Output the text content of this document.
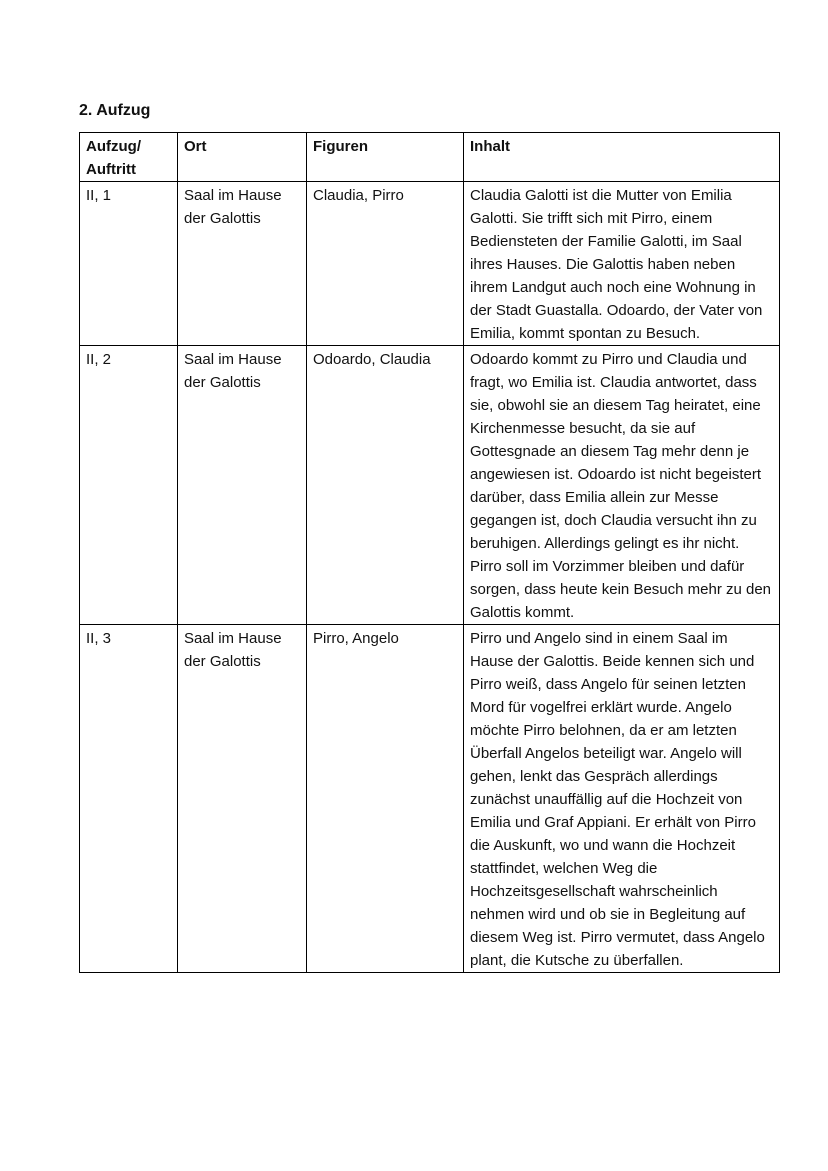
2. Aufzug
Aufzug/
Auftritt	Ort	Figuren	Inhalt
II, 1	Saal im Hause der Galottis	Claudia, Pirro	Claudia Galotti ist die Mutter von Emilia Galotti. Sie trifft sich mit Pirro, einem Bediensteten der Familie Galotti, im Saal ihres Hauses. Die Galottis haben neben ihrem Landgut auch noch eine Wohnung in der Stadt Guastalla. Odoardo, der Vater von Emilia, kommt spontan zu Besuch.
II, 2	Saal im Hause der Galottis	Odoardo, Claudia	Odoardo kommt zu Pirro und Claudia und fragt, wo Emilia ist. Claudia antwortet, dass sie, obwohl sie an diesem Tag heiratet, eine Kirchenmesse besucht, da sie auf Gottesgnade an diesem Tag mehr denn je angewiesen ist. Odoardo ist nicht begeistert darüber, dass Emilia allein zur Messe gegangen ist, doch Claudia versucht ihn zu beruhigen. Allerdings gelingt es ihr nicht. Pirro soll im Vorzimmer bleiben und dafür sorgen, dass heute kein Besuch mehr zu den Galottis kommt.
II, 3	Saal im Hause der Galottis	Pirro, Angelo	Pirro und Angelo sind in einem Saal im Hause der Galottis. Beide kennen sich und Pirro weiß, dass Angelo für seinen letzten Mord für vogelfrei erklärt wurde. Angelo möchte Pirro belohnen, da er am letzten Überfall Angelos beteiligt war. Angelo will gehen, lenkt das Gespräch allerdings zunächst unauffällig auf die Hochzeit von Emilia und Graf Appiani. Er erhält von Pirro die Auskunft, wo und wann die Hochzeit stattfindet, welchen Weg die Hochzeitsgesellschaft wahrscheinlich nehmen wird und ob sie in Begleitung auf diesem Weg ist. Pirro vermutet, dass Angelo plant, die Kutsche zu überfallen.
